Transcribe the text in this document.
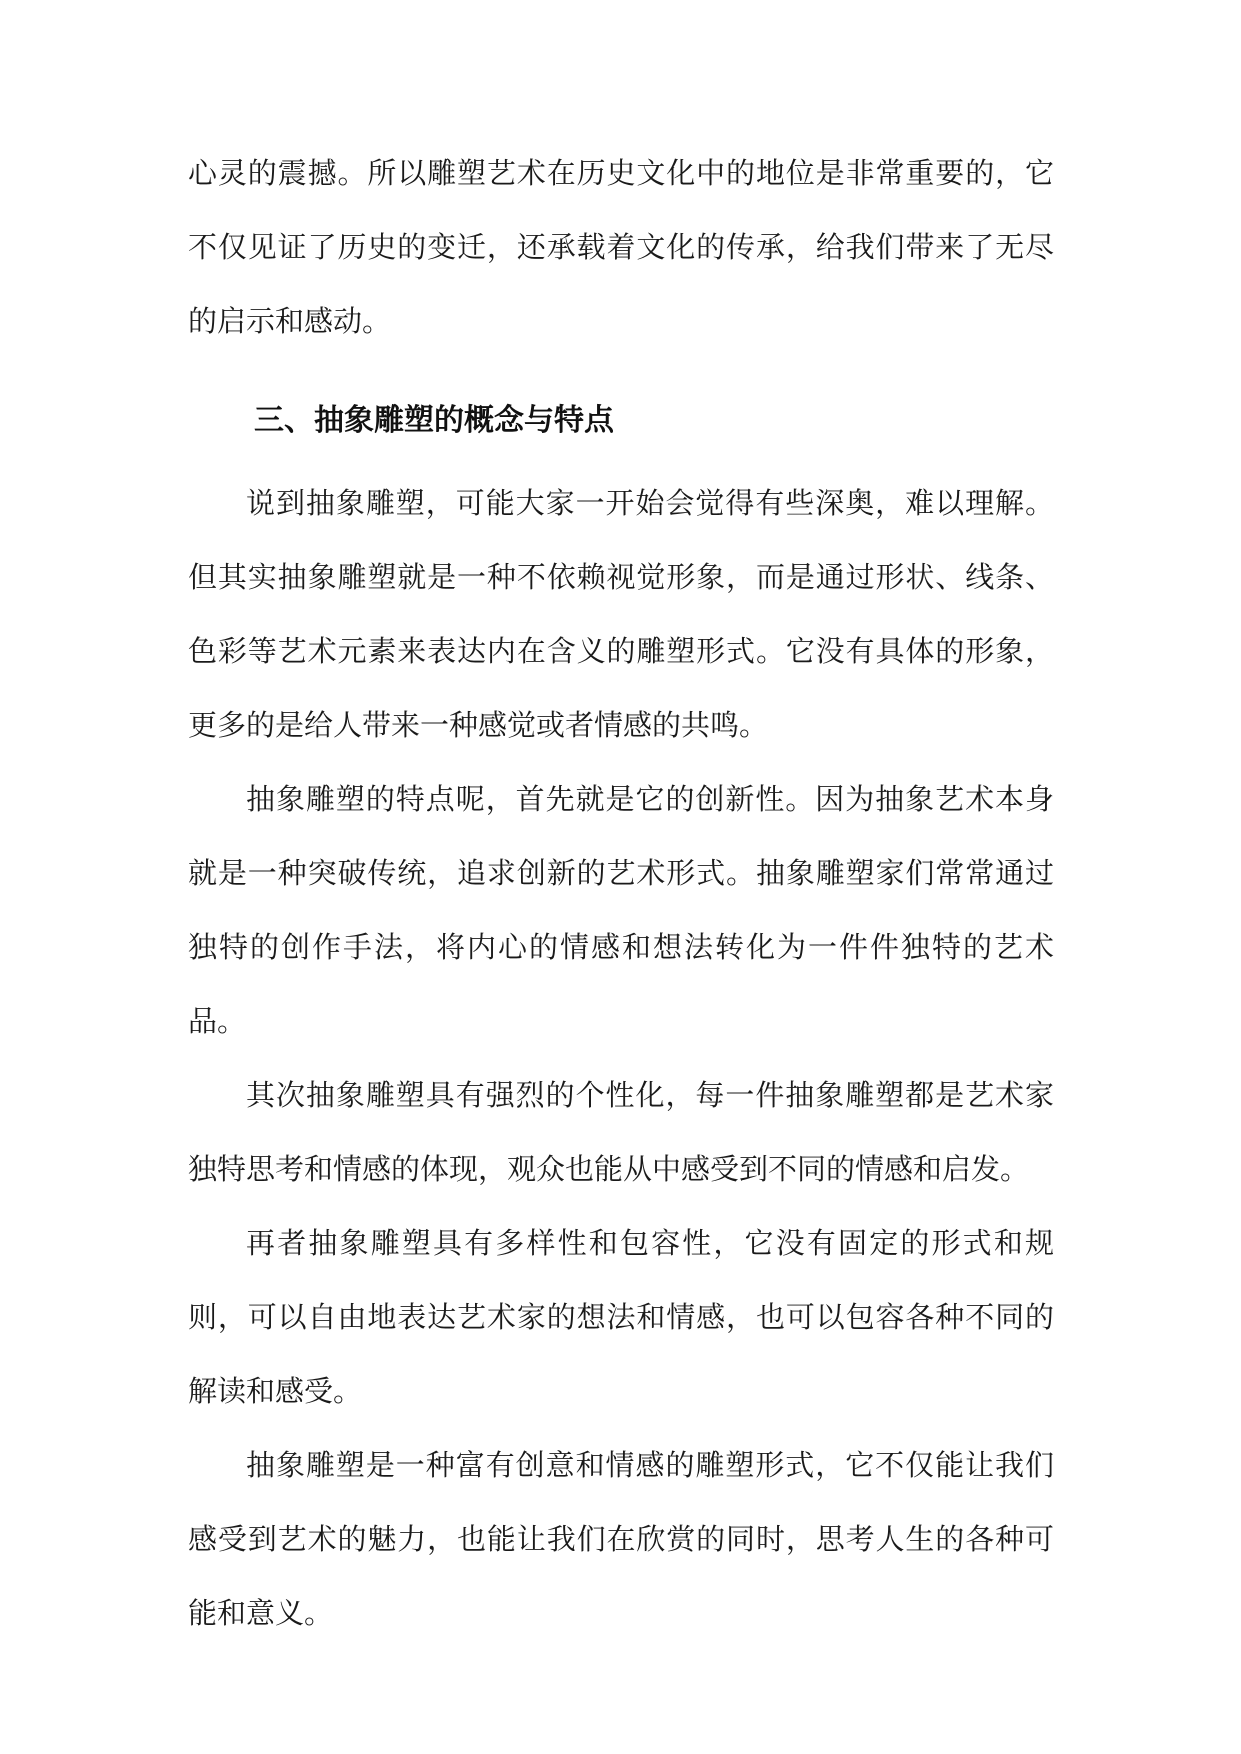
心灵的震撼。所以雕塑艺术在历史文化中的地位是非常重要的，它不仅见证了历史的变迁，还承载着文化的传承，给我们带来了无尽的启示和感动。

三、抽象雕塑的概念与特点

说到抽象雕塑，可能大家一开始会觉得有些深奥，难以理解。但其实抽象雕塑就是一种不依赖视觉形象，而是通过形状、线条、色彩等艺术元素来表达内在含义的雕塑形式。它没有具体的形象，更多的是给人带来一种感觉或者情感的共鸣。

抽象雕塑的特点呢，首先就是它的创新性。因为抽象艺术本身就是一种突破传统，追求创新的艺术形式。抽象雕塑家们常常通过独特的创作手法，将内心的情感和想法转化为一件件独特的艺术品。

其次抽象雕塑具有强烈的个性化，每一件抽象雕塑都是艺术家独特思考和情感的体现，观众也能从中感受到不同的情感和启发。

再者抽象雕塑具有多样性和包容性，它没有固定的形式和规则，可以自由地表达艺术家的想法和情感，也可以包容各种不同的解读和感受。

抽象雕塑是一种富有创意和情感的雕塑形式，它不仅能让我们感受到艺术的魅力，也能让我们在欣赏的同时，思考人生的各种可能和意义。
